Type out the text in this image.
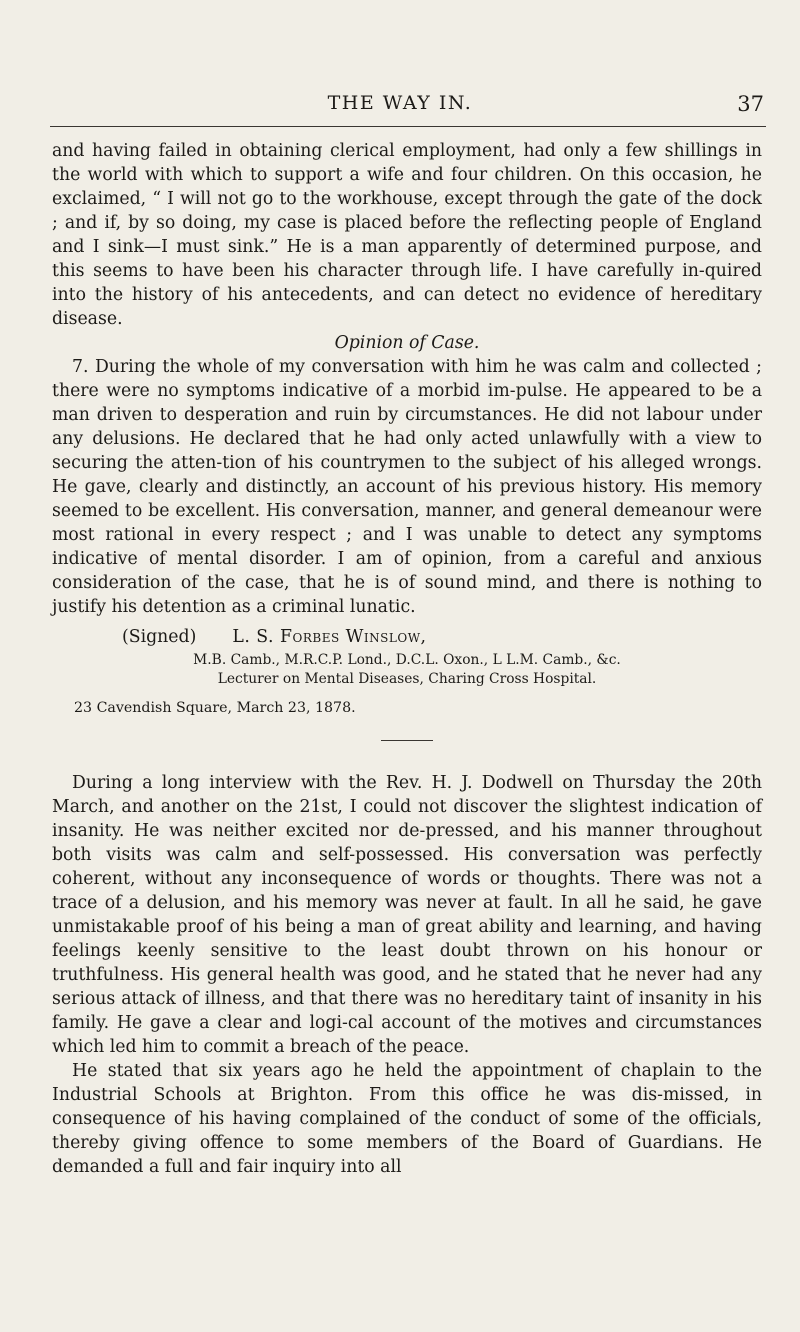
THE WAY IN.	37

and having failed in obtaining clerical employment, had only a few shillings in the world with which to support a wife and four children. On this occasion, he exclaimed, “ I will not go to the workhouse, except through the gate of the dock ; and if, by so doing, my case is placed before the reflecting people of England and I sink—I must sink.” He is a man apparently of determined purpose, and this seems to have been his character through life. I have carefully in-quired into the history of his antecedents, and can detect no evidence of hereditary disease.

Opinion of Case.

7. During the whole of my conversation with him he was calm and collected ; there were no symptoms indicative of a morbid im-pulse. He appeared to be a man driven to desperation and ruin by circumstances. He did not labour under any delusions. He declared that he had only acted unlawfully with a view to securing the atten-tion of his countrymen to the subject of his alleged wrongs. He gave, clearly and distinctly, an account of his previous history. His memory seemed to be excellent. His conversation, manner, and general demeanour were most rational in every respect ; and I was unable to detect any symptoms indicative of mental disorder. I am of opinion, from a careful and anxious consideration of the case, that he is of sound mind, and there is nothing to justify his detention as a criminal lunatic.

(Signed) L. S. Forbes Winslow,
M.B. Camb., M.R.C.P. Lond., D.C.L. Oxon., L L.M. Camb., &c.
Lecturer on Mental Diseases, Charing Cross Hospital.
23 Cavendish Square, March 23, 1878.

During a long interview with the Rev. H. J. Dodwell on Thursday the 20th March, and another on the 21st, I could not discover the slightest indication of insanity. He was neither excited nor de-pressed, and his manner throughout both visits was calm and self-possessed. His conversation was perfectly coherent, without any inconsequence of words or thoughts. There was not a trace of a delusion, and his memory was never at fault. In all he said, he gave unmistakable proof of his being a man of great ability and learning, and having feelings keenly sensitive to the least doubt thrown on his honour or truthfulness. His general health was good, and he stated that he never had any serious attack of illness, and that there was no hereditary taint of insanity in his family. He gave a clear and logi-cal account of the motives and circumstances which led him to commit a breach of the peace.

He stated that six years ago he held the appointment of chaplain to the Industrial Schools at Brighton. From this office he was dis-missed, in consequence of his having complained of the conduct of some of the officials, thereby giving offence to some members of the Board of Guardians. He demanded a full and fair inquiry into all
